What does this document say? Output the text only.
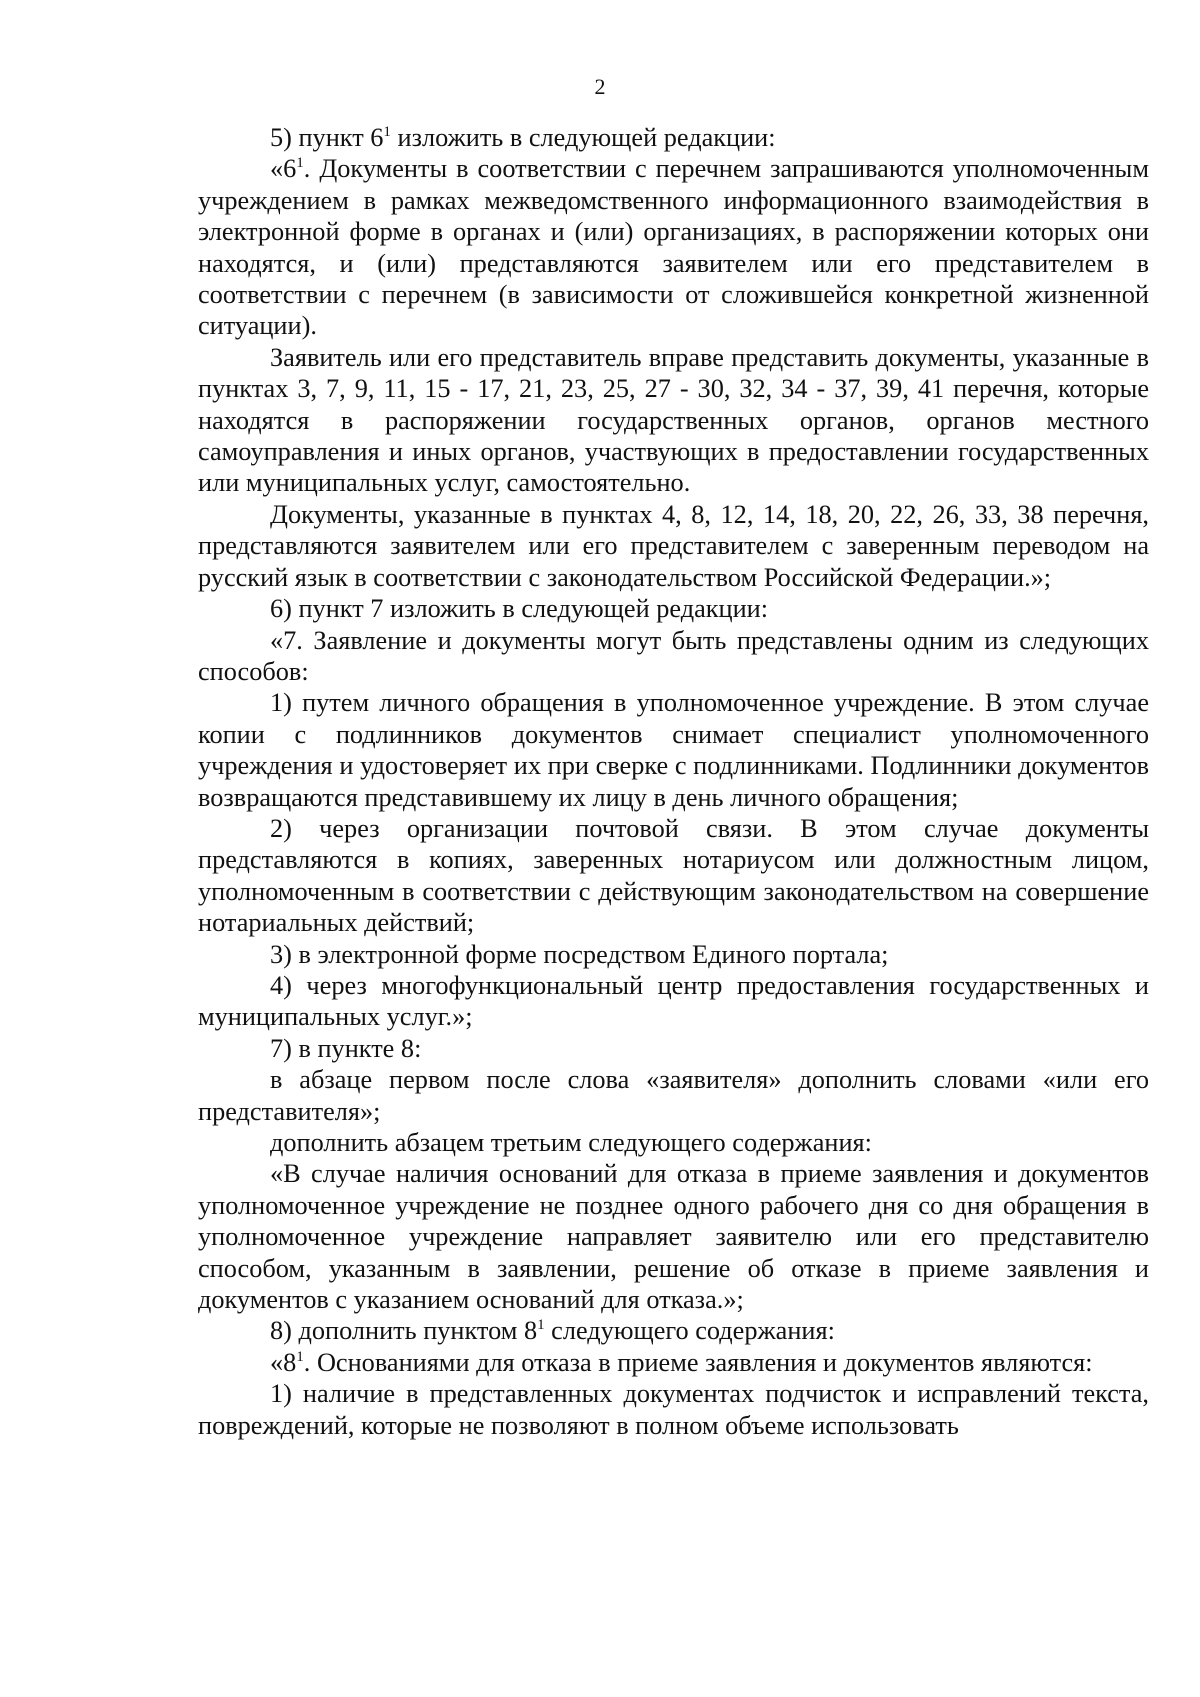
2

5) пункт $6^1$ изложить в следующей редакции:

«$6^1$. Документы в соответствии с перечнем запрашиваются уполномоченным учреждением в рамках межведомственного информационного взаимодействия в электронной форме в органах и (или) организациях, в распоряжении которых они находятся, и (или) представляются заявителем или его представителем в соответствии с перечнем (в зависимости от сложившейся конкретной жизненной ситуации).

Заявитель или его представитель вправе представить документы, указанные в пунктах 3, 7, 9, 11, 15 - 17, 21, 23, 25, 27 - 30, 32, 34 - 37, 39, 41 перечня, которые находятся в распоряжении государственных органов, органов местного самоуправления и иных органов, участвующих в предоставлении государственных или муниципальных услуг, самостоятельно.

Документы, указанные в пунктах 4, 8, 12, 14, 18, 20, 22, 26, 33, 38 перечня, представляются заявителем или его представителем с заверенным переводом на русский язык в соответствии с законодательством Российской Федерации.»;

6) пункт 7 изложить в следующей редакции:

«7. Заявление и документы могут быть представлены одним из следующих способов:

1) путем личного обращения в уполномоченное учреждение. В этом случае копии с подлинников документов снимает специалист уполномоченного учреждения и удостоверяет их при сверке с подлинниками. Подлинники документов возвращаются представившему их лицу в день личного обращения;

2) через организации почтовой связи. В этом случае документы представляются в копиях, заверенных нотариусом или должностным лицом, уполномоченным в соответствии с действующим законодательством на совершение нотариальных действий;

3) в электронной форме посредством Единого портала;

4) через многофункциональный центр предоставления государственных и муниципальных услуг.»;

7) в пункте 8:

в абзаце первом после слова «заявителя» дополнить словами «или его представителя»;

дополнить абзацем третьим следующего содержания:

«В случае наличия оснований для отказа в приеме заявления и документов уполномоченное учреждение не позднее одного рабочего дня со дня обращения в уполномоченное учреждение направляет заявителю или его представителю способом, указанным в заявлении, решение об отказе в приеме заявления и документов с указанием оснований для отказа.»;

8) дополнить пунктом $8^1$ следующего содержания:

«$8^1$. Основаниями для отказа в приеме заявления и документов являются:

1) наличие в представленных документах подчисток и исправлений текста, повреждений, которые не позволяют в полном объеме использовать
